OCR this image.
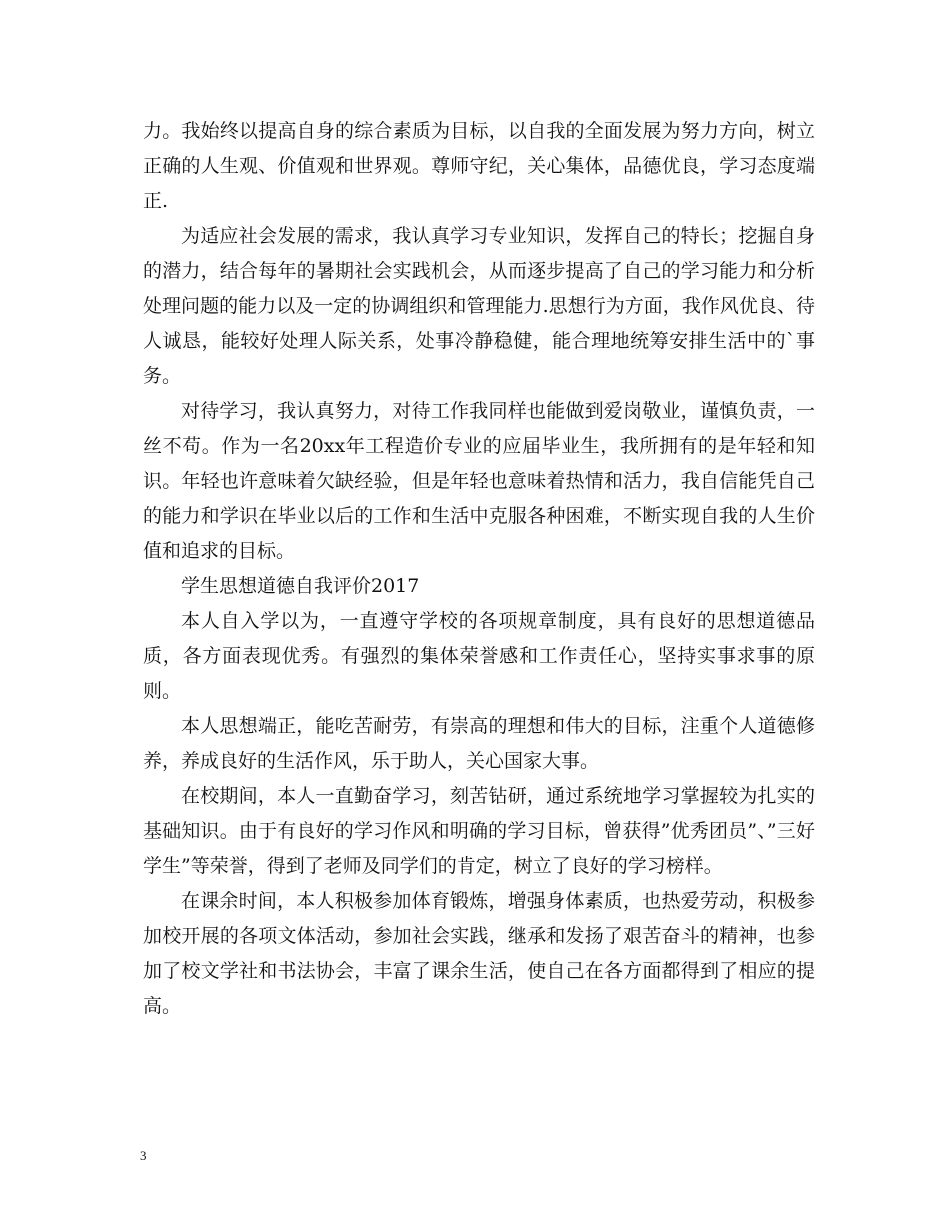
力。我始终以提高自身的综合素质为目标，以自我的全面发展为努力方向，树立正确的人生观、价值观和世界观。尊师守纪，关心集体，品德优良，学习态度端正.

为适应社会发展的需求，我认真学习专业知识，发挥自己的特长；挖掘自身的潜力，结合每年的暑期社会实践机会，从而逐步提高了自己的学习能力和分析处理问题的能力以及一定的协调组织和管理能力.思想行为方面，我作风优良、待人诚恳，能较好处理人际关系，处事冷静稳健，能合理地统筹安排生活中的`事务。

对待学习，我认真努力，对待工作我同样也能做到爱岗敬业，谨慎负责，一丝不苟。作为一名20xx年工程造价专业的应届毕业生，我所拥有的是年轻和知识。年轻也许意味着欠缺经验，但是年轻也意味着热情和活力，我自信能凭自己的能力和学识在毕业以后的工作和生活中克服各种困难，不断实现自我的人生价值和追求的目标。

学生思想道德自我评价2017

本人自入学以为，一直遵守学校的各项规章制度，具有良好的思想道德品质，各方面表现优秀。有强烈的集体荣誉感和工作责任心，坚持实事求事的原则。

本人思想端正，能吃苦耐劳，有崇高的理想和伟大的目标，注重个人道德修养，养成良好的生活作风，乐于助人，关心国家大事。

在校期间，本人一直勤奋学习，刻苦钻研，通过系统地学习掌握较为扎实的基础知识。由于有良好的学习作风和明确的学习目标，曾获得”优秀团员”、”三好学生”等荣誉，得到了老师及同学们的肯定，树立了良好的学习榜样。

在课余时间，本人积极参加体育锻炼，增强身体素质，也热爱劳动，积极参加校开展的各项文体活动，参加社会实践，继承和发扬了艰苦奋斗的精神，也参加了校文学社和书法协会，丰富了课余生活，使自己在各方面都得到了相应的提高。

3
